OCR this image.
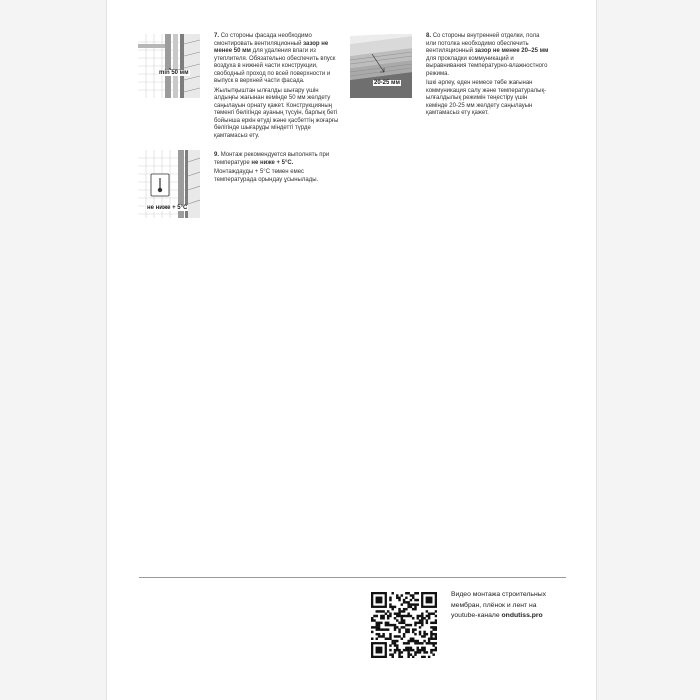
min 50 мм

7. Со стороны фасада необходимо смонтировать вентиляционный зазор не менее 50 мм для удаления влаги из утеплителя. Обязательно обеспечить впуск воздуха в нижней части конструкции, свободный проход по всей поверхности и выпуск в верхней части фасада.

Жылытқыштан ылғалды шығару үшін алдыңғы жағынан кемінде 50 мм желдету саңылауын орнату қажет. Конструкцияның төменгі бөлігінде ауаның түсуін, барлық беті бойынша еркін өтуді және қасбеттің жоғарғы бөлігінде шығаруды міндетті түрде қамтамасыз ету.

20-25 мм

8. Со стороны внутренней отделки, пола или потолка необходимо обеспечить вентиляционный зазор не менее 20–25 мм для прокладки коммуникаций и выравнивания температурно-влажностного режима.

Ішкі әрлеу, еден немесе төбе жағынан коммуникация салу және температуралық-ылғалдылық режимін теңестіру үшін кемінде 20-25 мм желдету саңылауын қамтамасыз ету қажет.

не ниже + 5°С

9. Монтаж рекомендуется выполнять при температуре не ниже + 5°С.

Монтаждауды + 5°С төмен емес температурада орындау ұсынылады.

Видео монтажа строительных
мембран, плёнок и лент на
youtube-канале ondutiss.pro
